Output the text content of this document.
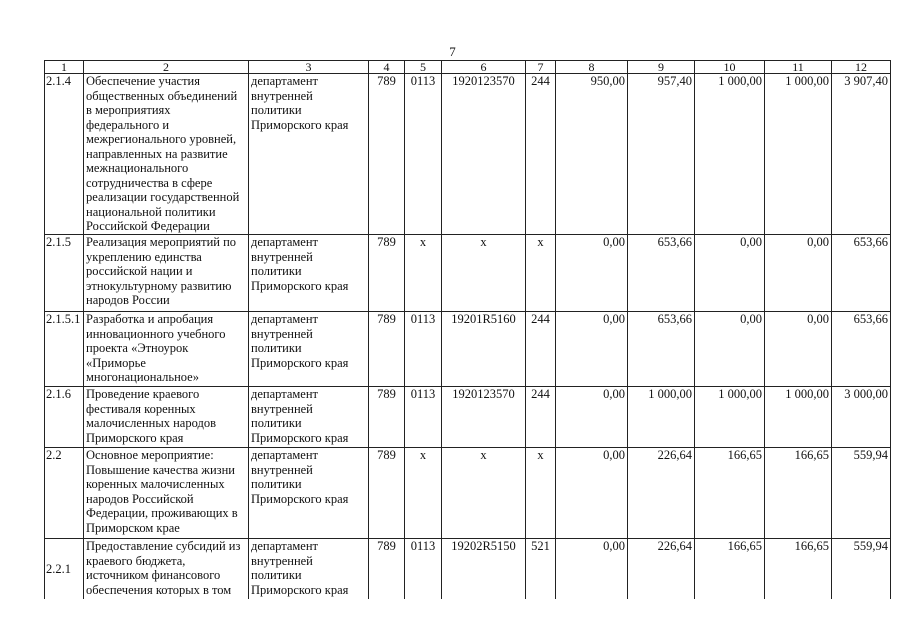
7
1	2	3	4	5	6	7	8	9	10	11	12
2.1.4	Обеспечение участия общественных объединений в мероприятиях федерального и межрегионального уровней, направленных на развитие межнационального сотрудничества в сфере реализации государственной национальной политики Российской Федерации	департамент внутренней политики Приморского края	789	0113	1920123570	244	950,00	957,40	1 000,00	1 000,00	3 907,40
2.1.5	Реализация мероприятий по укреплению единства российской нации и этнокультурному развитию народов России	департамент внутренней политики Приморского края	789	x	x	x	0,00	653,66	0,00	0,00	653,66
2.1.5.1	Разработка и апробация инновационного учебного проекта «Этноурок «Приморье многонациональное»	департамент внутренней политики Приморского края	789	0113	19201R5160	244	0,00	653,66	0,00	0,00	653,66
2.1.6	Проведение краевого фестиваля коренных малочисленных народов Приморского края	департамент внутренней политики Приморского края	789	0113	1920123570	244	0,00	1 000,00	1 000,00	1 000,00	3 000,00
2.2	Основное мероприятие: Повышение качества жизни коренных малочисленных народов Российской Федерации, проживающих в Приморском крае	департамент внутренней политики Приморского края	789	x	x	x	0,00	226,64	166,65	166,65	559,94
2.2.1	Предоставление субсидий из краевого бюджета, источником финансового обеспечения которых в том	департамент внутренней политики Приморского края	789	0113	19202R5150	521	0,00	226,64	166,65	166,65	559,94
